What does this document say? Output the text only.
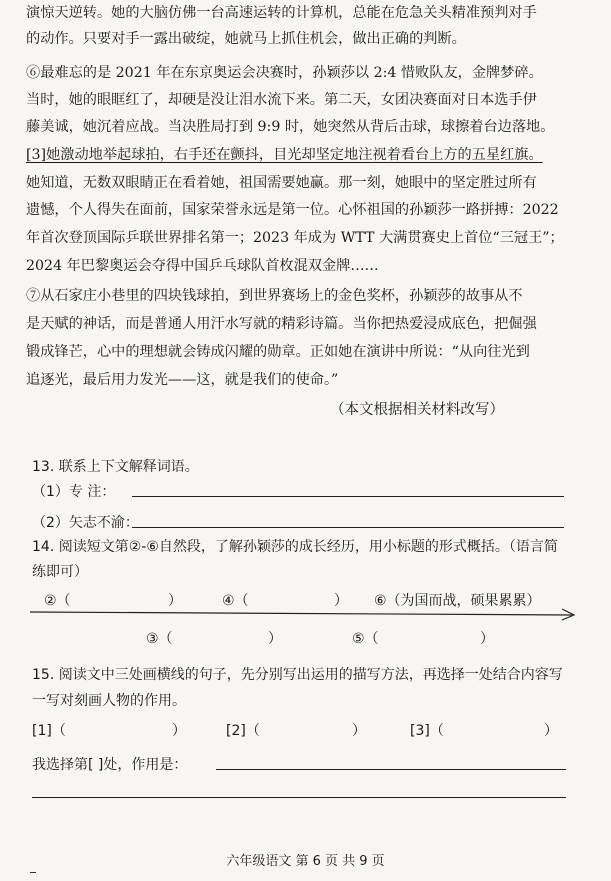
演惊天逆转。她的大脑仿佛一台高速运转的计算机，总能在危急关头精准预判对手

的动作。只要对手一露出破绽，她就马上抓住机会，做出正确的判断。

⑥最难忘的是 2021 年在东京奥运会决赛时，孙颖莎以 2:4 惜败队友，金牌梦碎。

当时，她的眼眶红了，却硬是没让泪水流下来。第二天，女团决赛面对日本选手伊

藤美诚，她沉着应战。当决胜局打到 9:9 时，她突然从背后击球，球擦着台边落地。

[3]她激动地举起球拍，右手还在颤抖，目光却坚定地注视着看台上方的五星红旗。

她知道，无数双眼睛正在看着她，祖国需要她赢。那一刻，她眼中的坚定胜过所有

遗憾，个人得失在面前，国家荣誉永远是第一位。心怀祖国的孙颖莎一路拼搏：2022

年首次登顶国际乒联世界排名第一；2023 年成为 WTT 大满贯赛史上首位“三冠王”；

2024 年巴黎奥运会夺得中国乒乓球队首枚混双金牌……

⑦从石家庄小巷里的四块钱球拍，到世界赛场上的金色奖杯，孙颖莎的故事从不

是天赋的神话，而是普通人用汗水写就的精彩诗篇。当你把热爱浸成底色，把倔强

锻成锋芒，心中的理想就会铸成闪耀的勋章。正如她在演讲中所说：“从向往光到

追逐光，最后用力发光——这，就是我们的使命。”

（本文根据相关材料改写）
13. 联系上下文解释词语。
（1）专 注：
（2）矢志不渝：
14. 阅读短文第②-⑥自然段，了解孙颖莎的成长经历，用小标题的形式概括。（语言简
练即可）
②（	）	④（	） ⑥（为国而战，硕果累累）
③（	）	⑤（	）
15. 阅读文中三处画横线的句子，先分别写出运用的描写方法，再选择一处结合内容写
一写对刻画人物的作用。
[1]（	）	[2]（	）	[3]（	）
我选择第[ ]处，作用是：
六年级语文 第 6 页 共 9 页
